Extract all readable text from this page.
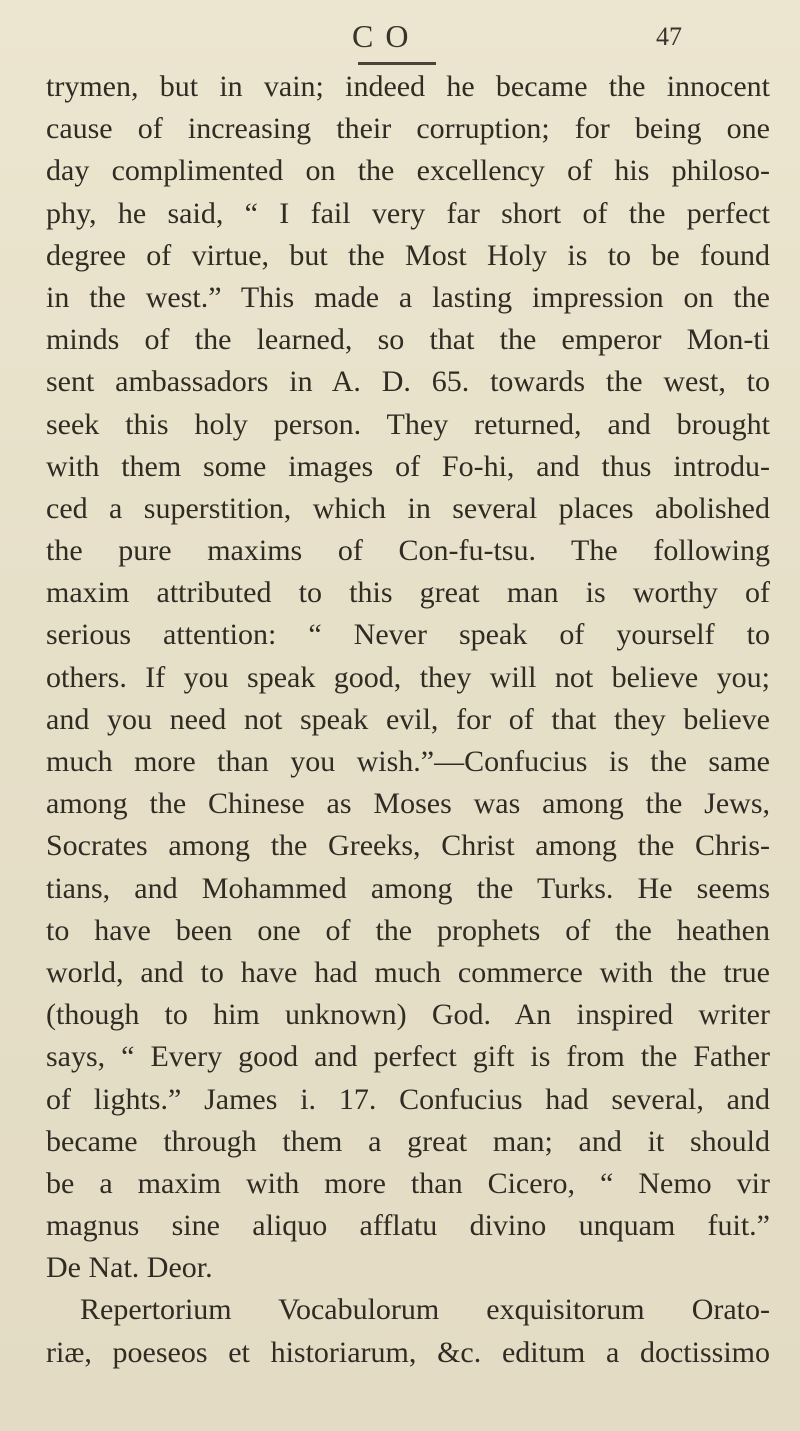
C O	47
trymen, but in vain; indeed he became the innocent
cause of increasing their corruption; for being one
day complimented on the excellency of his philoso-
phy, he said, “ I fail very far short of the perfect
degree of virtue, but the Most Holy is to be found
in the west.” This made a lasting impression on the
minds of the learned, so that the emperor Mon-ti
sent ambassadors in A. D. 65. towards the west, to
seek this holy person. They returned, and brought
with them some images of Fo-hi, and thus introdu-
ced a superstition, which in several places abolished
the pure maxims of Con-fu-tsu. The following
maxim attributed to this great man is worthy of
serious attention: “ Never speak of yourself to
others. If you speak good, they will not believe you;
and you need not speak evil, for of that they believe
much more than you wish.”—Confucius is the same
among the Chinese as Moses was among the Jews,
Socrates among the Greeks, Christ among the Chris-
tians, and Mohammed among the Turks. He seems
to have been one of the prophets of the heathen
world, and to have had much commerce with the true
(though to him unknown) God. An inspired writer
says, “ Every good and perfect gift is from the Father
of lights.” James i. 17. Confucius had several, and
became through them a great man; and it should
be a maxim with more than Cicero, “ Nemo vir
magnus sine aliquo afflatu divino unquam fuit.”
De Nat. Deor.
Repertorium Vocabulorum exquisitorum Orato-
riæ, poeseos et historiarum, &c. editum a doctissimo
